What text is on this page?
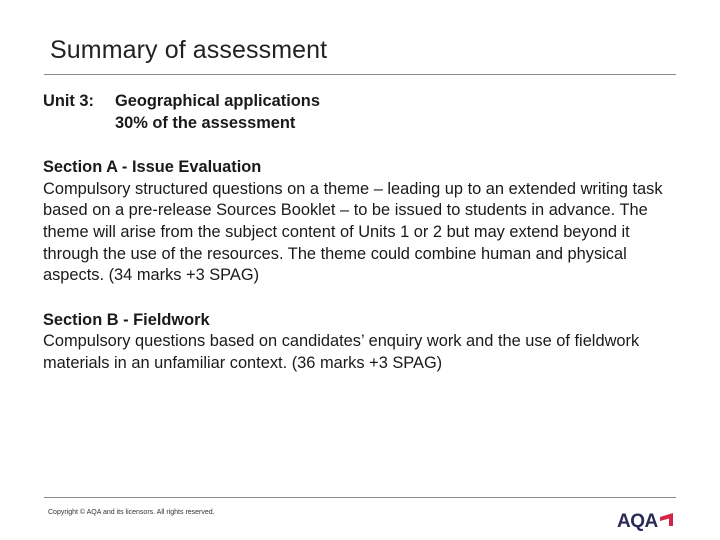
Summary of assessment
Unit 3:	Geographical applications
30% of the assessment
Section A - Issue Evaluation

Compulsory structured questions on a theme – leading up to an extended writing task based on a pre-release Sources Booklet – to be issued to students in advance. The theme will arise from the subject content of Units 1 or 2 but may extend beyond it through the use of the resources. The theme could combine human and physical aspects. (34 marks +3 SPAG)

Section B - Fieldwork

Compulsory questions based on candidates’ enquiry work and the use of fieldwork materials in an unfamiliar context. (36 marks +3 SPAG)

Copyright © AQA and its licensors. All rights reserved.	AQA
